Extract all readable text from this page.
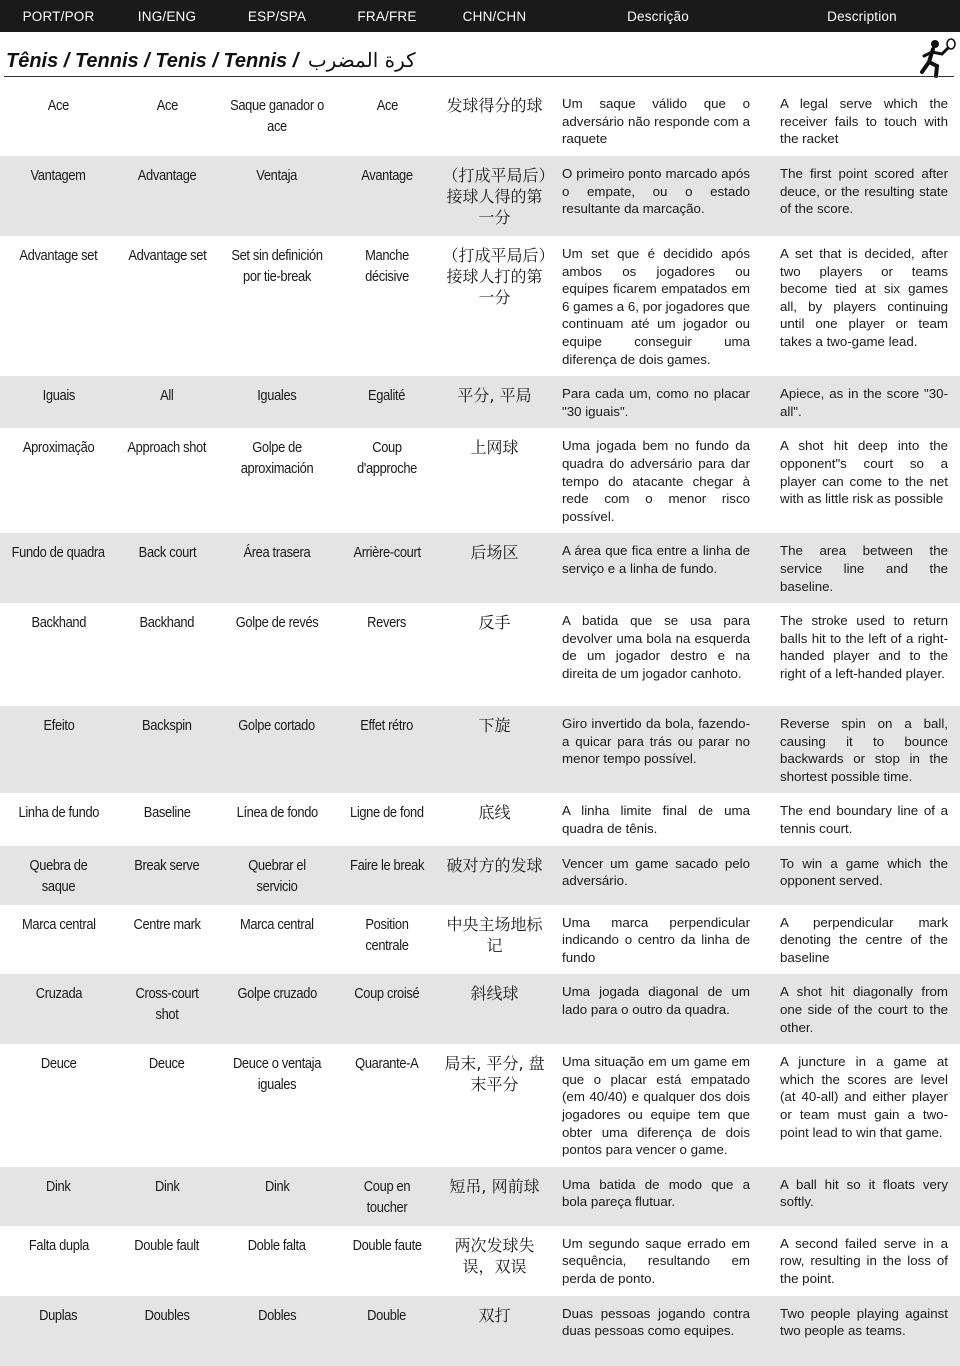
PORT/POR	ING/ENG	ESP/SPA	FRA/FRE	CHN/CHN	Descrição	Description
Tênis / Tennis / Tenis / Tennis / كرة المضرب
Ace	Ace	Saque ganador o ace	Ace	发球得分的球	Um saque válido que o adversário não responde com a raquete	A legal serve which the receiver fails to touch with the racket

Vantagem	Advantage	Ventaja	Avantage	（打成平局后）接球人得的第一分	O primeiro ponto marcado após o empate, ou o estado resultante da marcação.	The first point scored after deuce, or the resulting state of the score.

Advantage set	Advantage set	Set sin definición por tie-break	Manche décisive	（打成平局后）接球人打的第一分	Um set que é decidido após ambos os jogadores ou equipes ficarem empatados em 6 games a 6, por jogadores que continuam até um jogador ou equipe conseguir uma diferença de dois games.	A set that is decided, after two players or teams become tied at six games all, by players continuing until one player or team takes a two-game lead.

Iguais	All	Iguales	Egalité	平分, 平局	Para cada um, como no placar "30 iguais".	Apiece, as in the score "30-all".

Aproximação	Approach shot	Golpe de aproximación	Coup d'approche	上网球	Uma jogada bem no fundo da quadra do adversário para dar tempo do atacante chegar à rede com o menor risco possível.	A shot hit deep into the opponent"s court so a player can come to the net with as little risk as possible

Fundo de quadra	Back court	Área trasera	Arrière-court	后场区	A área que fica entre a linha de serviço e a linha de fundo.	The area between the service line and the baseline.

Backhand	Backhand	Golpe de revés	Revers	反手	A batida que se usa para devolver uma bola na esquerda de um jogador destro e na direita de um jogador canhoto.	The stroke used to return balls hit to the left of a right-handed player and to the right of a left-handed player.

Efeito	Backspin	Golpe cortado	Effet rétro	下旋	Giro invertido da bola, fazendo-a quicar para trás ou parar no menor tempo possível.	Reverse spin on a ball, causing it to bounce backwards or stop in the shortest possible time.

Linha de fundo	Baseline	Línea de fondo	Ligne de fond	底线	A linha limite final de uma quadra de tênis.	The end boundary line of a tennis court.

Quebra de saque	Break serve	Quebrar el servicio	Faire le break	破对方的发球	Vencer um game sacado pelo adversário.	To win a game which the opponent served.

Marca central	Centre mark	Marca central	Position centrale	中央主场地标记	Uma marca perpendicular indicando o centro da linha de fundo	A perpendicular mark denoting the centre of the baseline

Cruzada	Cross-court shot	Golpe cruzado	Coup croisé	斜线球	Uma jogada diagonal de um lado para o outro da quadra.	A shot hit diagonally from one side of the court to the other.

Deuce	Deuce	Deuce o ventaja iguales	Quarante-A	局末, 平分, 盘末平分	Uma situação em um game em que o placar está empatado (em 40/40) e qualquer dos dois jogadores ou equipe tem que obter uma diferença de dois pontos para vencer o game.	A juncture in a game at which the scores are level (at 40-all) and either player or team must gain a two-point lead to win that game.

Dink	Dink	Dink	Coup en toucher	短吊, 网前球	Uma batida de modo que a bola pareça flutuar.	A ball hit so it floats very softly.

Falta dupla	Double fault	Doble falta	Double faute	两次发球失误，双误	Um segundo saque errado em sequência, resultando em perda de ponto.	A second failed serve in a row, resulting in the loss of the point.

Duplas	Doubles	Dobles	Double	双打	Duas pessoas jogando contra duas pessoas como equipes.	Two people playing against two people as teams.
